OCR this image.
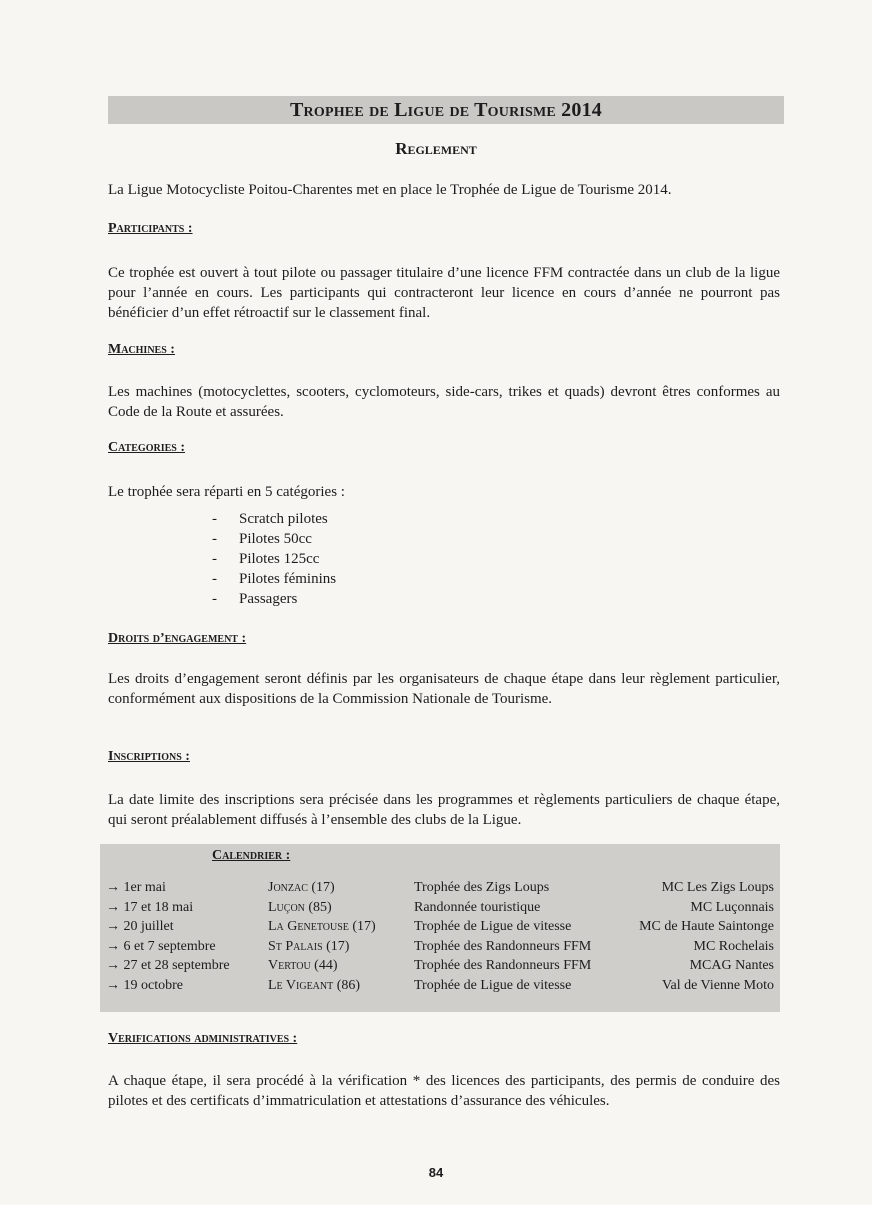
Trophee de Ligue de Tourisme 2014
Reglement
La Ligue Motocycliste Poitou-Charentes met en place le Trophée de Ligue de Tourisme 2014.
Participants :
Ce trophée est ouvert à tout pilote ou passager titulaire d’une licence FFM contractée dans un club de la ligue pour l’année en cours. Les participants qui contracteront leur licence en cours d’année ne pourront pas bénéficier d’un effet rétroactif sur le classement final.
Machines :
Les machines (motocyclettes, scooters, cyclomoteurs, side-cars, trikes et quads) devront êtres conformes au Code de la Route et assurées.
Categories :
Le trophée sera réparti en 5 catégories :
- Scratch pilotes
- Pilotes 50cc
- Pilotes 125cc
- Pilotes féminins
- Passagers
Droits d’engagement :
Les droits d’engagement seront définis par les organisateurs de chaque étape dans leur règlement particulier, conformément aux dispositions de la Commission Nationale de Tourisme.
Inscriptions :
La date limite des inscriptions sera précisée dans les programmes et règlements particuliers de chaque étape, qui seront préalablement diffusés à l’ensemble des clubs de la Ligue.
Calendrier :
→ 1er mai	Jonzac (17)	Trophée des Zigs Loups	MC Les Zigs Loups
→ 17 et 18 mai	Luçon (85)	Randonnée touristique	MC Luçonnais
→ 20 juillet	La Genetouse (17)	Trophée de Ligue de vitesse	MC de Haute Saintonge
→ 6 et 7 septembre	St Palais (17)	Trophée des Randonneurs FFM	MC Rochelais
→ 27 et 28 septembre	Vertou (44)	Trophée des Randonneurs FFM	MCAG Nantes
→ 19 octobre	Le Vigeant (86)	Trophée de Ligue de vitesse	Val de Vienne Moto
Verifications administratives :
A chaque étape, il sera procédé à la vérification * des licences des participants, des permis de conduire des pilotes et des certificats d’immatriculation et attestations d’assurance des véhicules.
84
